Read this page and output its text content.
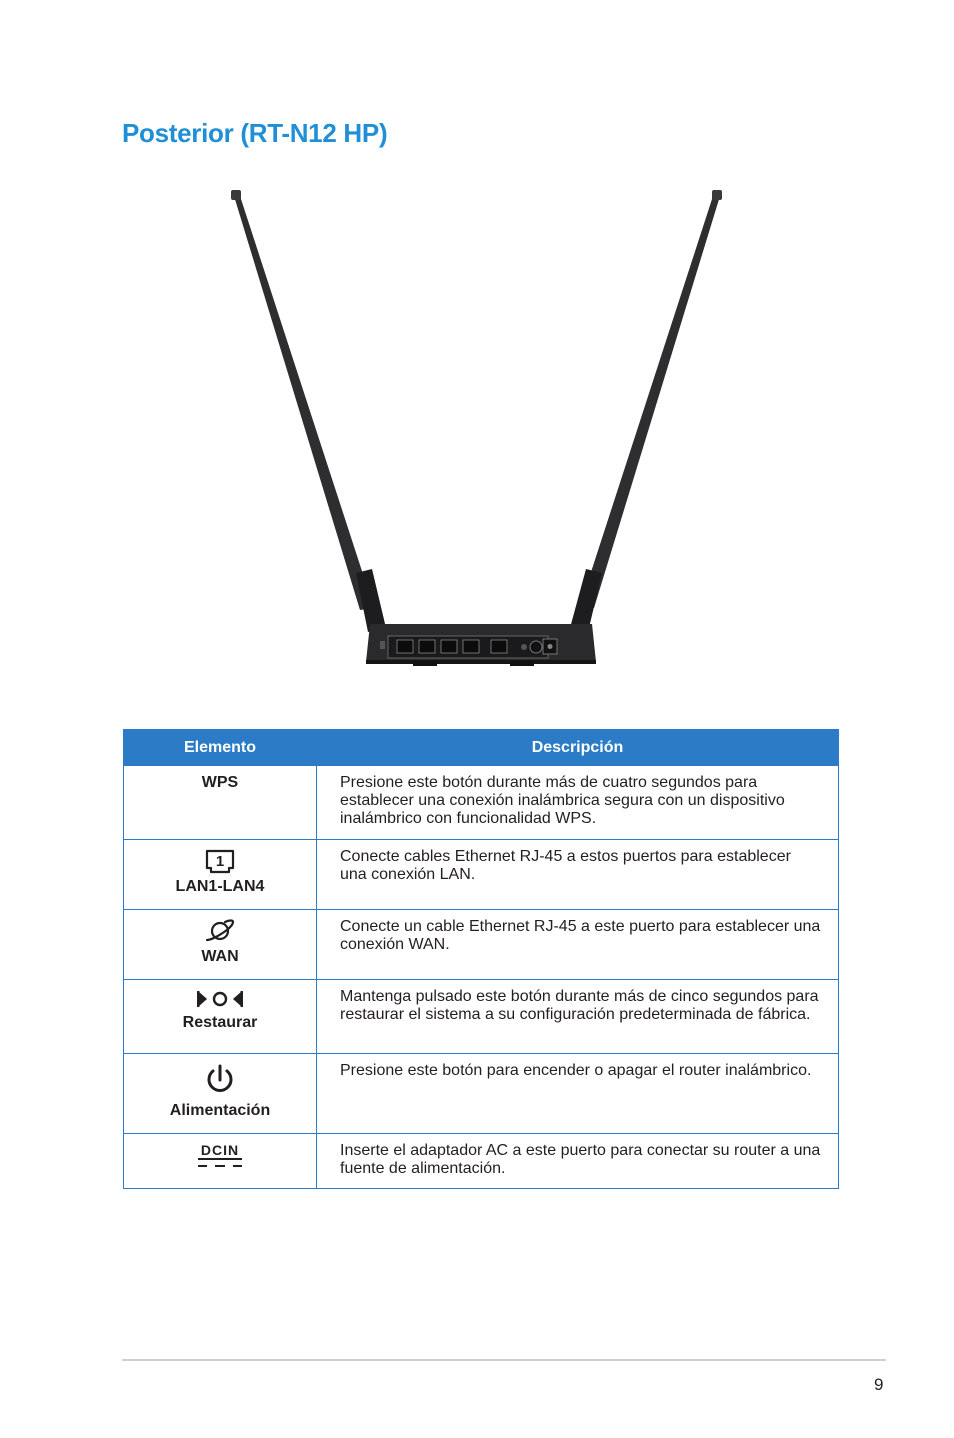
Posterior (RT-N12 HP)
Elemento	Descripción

WPS	Presione este botón durante más de cuatro segundos para establecer una conexión inalámbrica segura con un dispositivo inalámbrico con funcionalidad WPS.

1
LAN1-LAN4	Conecte cables Ethernet RJ-45 a estos puertos para establecer una conexión LAN.

WAN	Conecte un cable Ethernet RJ-45 a este puerto para establecer una conexión WAN.

Restaurar	Mantenga pulsado este botón durante más de cinco segundos para restaurar el sistema a su configuración predeterminada de fábrica.

Alimentación	Presione este botón para encender o apagar el router inalámbrico.

DCIN	Inserte el adaptador AC a este puerto para conectar su router a una fuente de alimentación.
9
